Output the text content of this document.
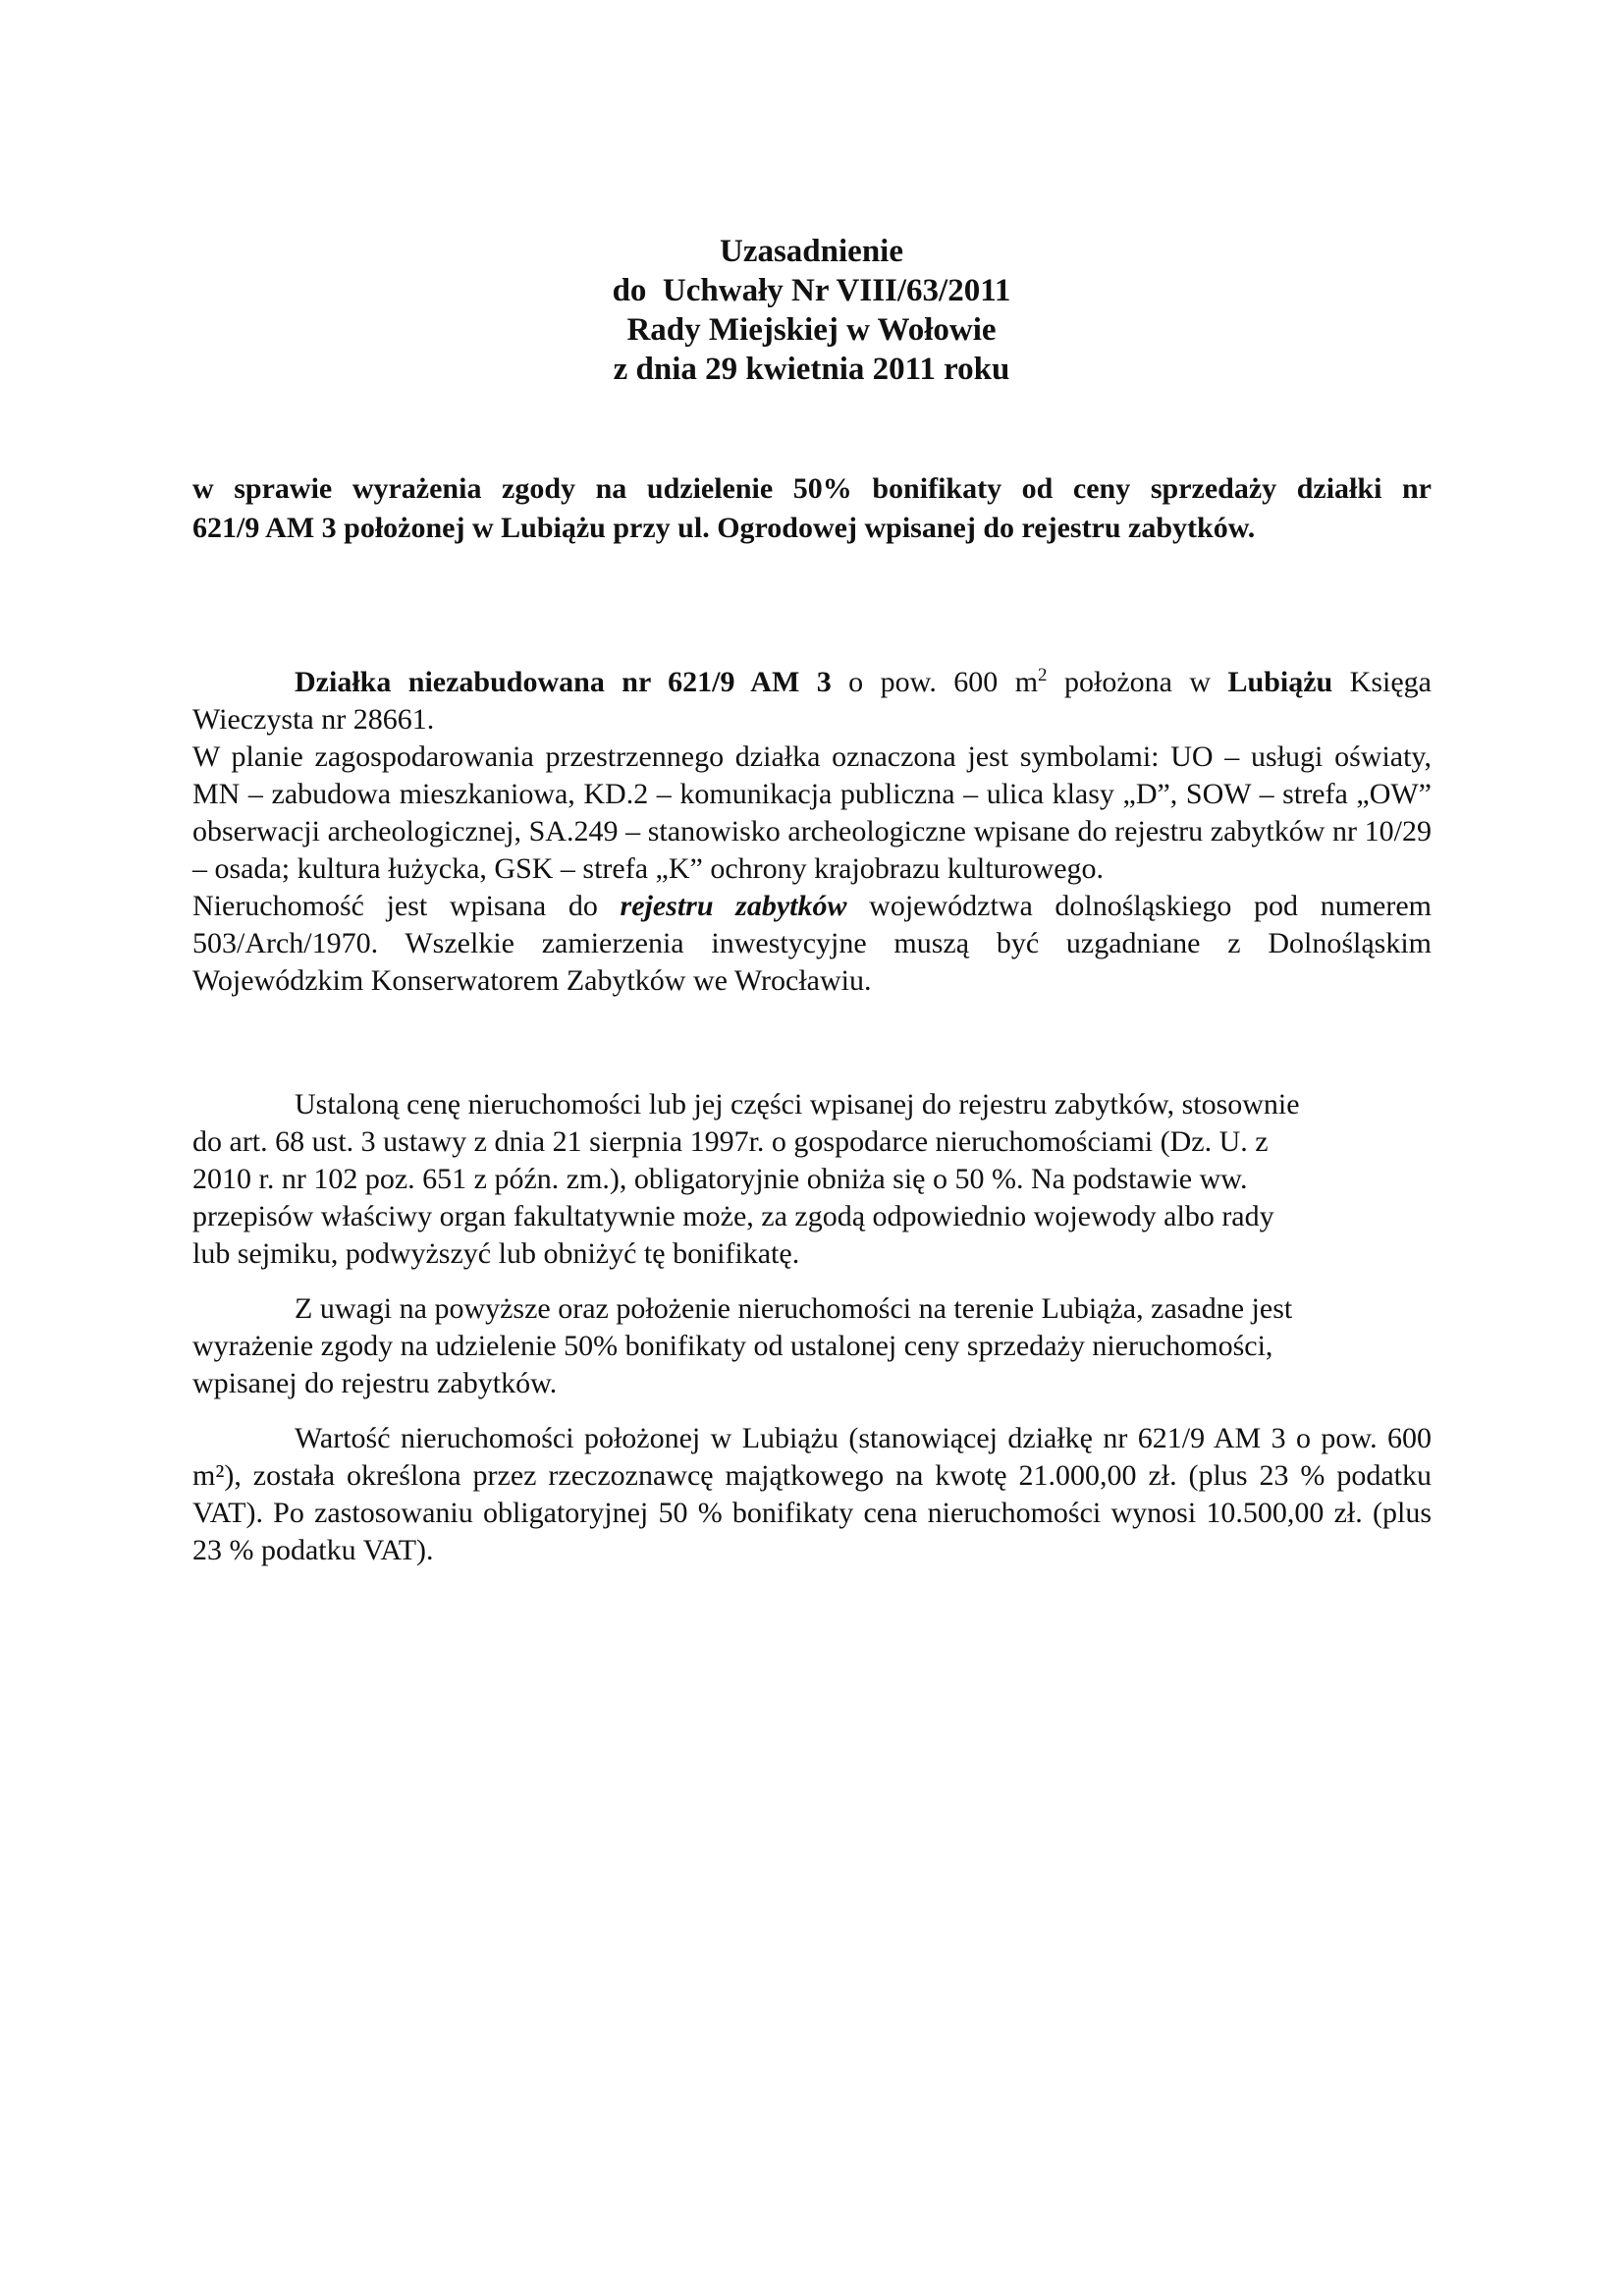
Uzasadnienie
do  Uchwały Nr VIII/63/2011
Rady Miejskiej w Wołowie
z dnia 29 kwietnia 2011 roku
w sprawie wyrażenia zgody na udzielenie 50% bonifikaty od ceny sprzedaży działki nr
621/9 AM 3 położonej w Lubiążu przy ul. Ogrodowej wpisanej do rejestru zabytków.
Działka niezabudowana nr 621/9 AM 3 o pow. 600 $m^2$ położona w Lubiążu Księga Wieczysta nr 28661.
W planie zagospodarowania przestrzennego działka oznaczona jest symbolami: UO – usługi oświaty, MN – zabudowa mieszkaniowa, KD.2 – komunikacja publiczna – ulica klasy „D”, SOW – strefa „OW” obserwacji archeologicznej, SA.249 – stanowisko archeologiczne wpisane do rejestru zabytków nr 10/29 – osada; kultura łużycka, GSK – strefa „K” ochrony krajobrazu kulturowego.
Nieruchomość jest wpisana do rejestru zabytków województwa dolnośląskiego pod numerem 503/Arch/1970. Wszelkie zamierzenia inwestycyjne muszą być uzgadniane z Dolnośląskim Wojewódzkim Konserwatorem Zabytków we Wrocławiu.
Ustaloną cenę nieruchomości lub jej części wpisanej do rejestru zabytków, stosownie
do art. 68 ust. 3 ustawy z dnia 21 sierpnia 1997r. o gospodarce nieruchomościami (Dz. U. z
2010 r. nr 102 poz. 651 z późn. zm.), obligatoryjnie obniża się o 50 %. Na podstawie ww.
przepisów właściwy organ fakultatywnie może, za zgodą odpowiednio wojewody albo rady
lub sejmiku, podwyższyć lub obniżyć tę bonifikatę.
Z uwagi na powyższe oraz położenie nieruchomości na terenie Lubiąża, zasadne jest
wyrażenie zgody na udzielenie 50% bonifikaty od ustalonej ceny sprzedaży nieruchomości,
wpisanej do rejestru zabytków.
Wartość nieruchomości położonej w Lubiążu (stanowiącej działkę nr 621/9 AM 3 o pow. 600 m²), została określona przez rzeczoznawcę majątkowego na kwotę 21.000,00 zł. (plus 23 % podatku VAT). Po zastosowaniu obligatoryjnej 50 % bonifikaty cena nieruchomości wynosi 10.500,00 zł. (plus 23 % podatku VAT).
